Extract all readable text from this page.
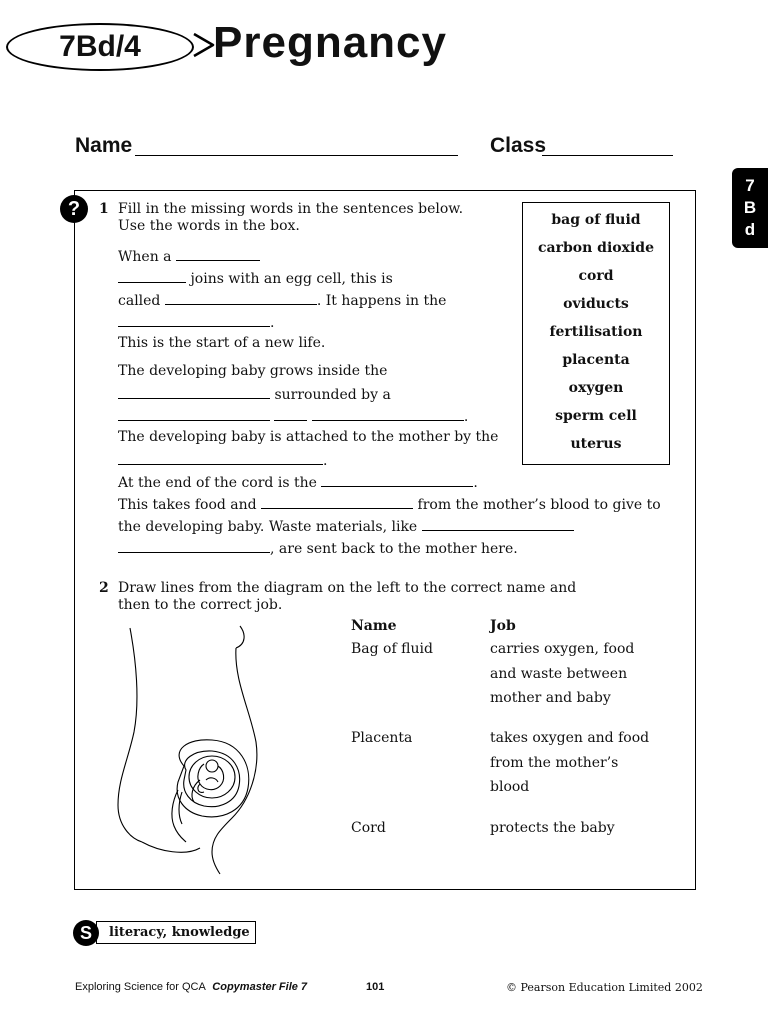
7Bd/4 Pregnancy
Name	Class
7
B
d
?	1 Fill in the missing words in the sentences below.
Use the words in the box.
When a
joins with an egg cell, this is
called	. It happens in the
.
This is the start of a new life.
The developing baby grows inside the
surrounded by a
.
The developing baby is attached to the mother by the
.
At the end of the cord is the	.
This takes food and	from the mother’s blood to give to
the developing baby. Waste materials, like
, are sent back to the mother here.
bag of fluid
carbon dioxide
cord
oviducts
fertilisation
placenta
oxygen
sperm cell
uterus
2 Draw lines from the diagram on the left to the correct name and
then to the correct job.
Name	Job
Bag of fluid	carries oxygen, food
and waste between
mother and baby
Placenta	takes oxygen and food
from the mother’s
blood
Cord	protects the baby
S	literacy, knowledge
Exploring Science for QCA Copymaster File 7	101	© Pearson Education Limited 2002
